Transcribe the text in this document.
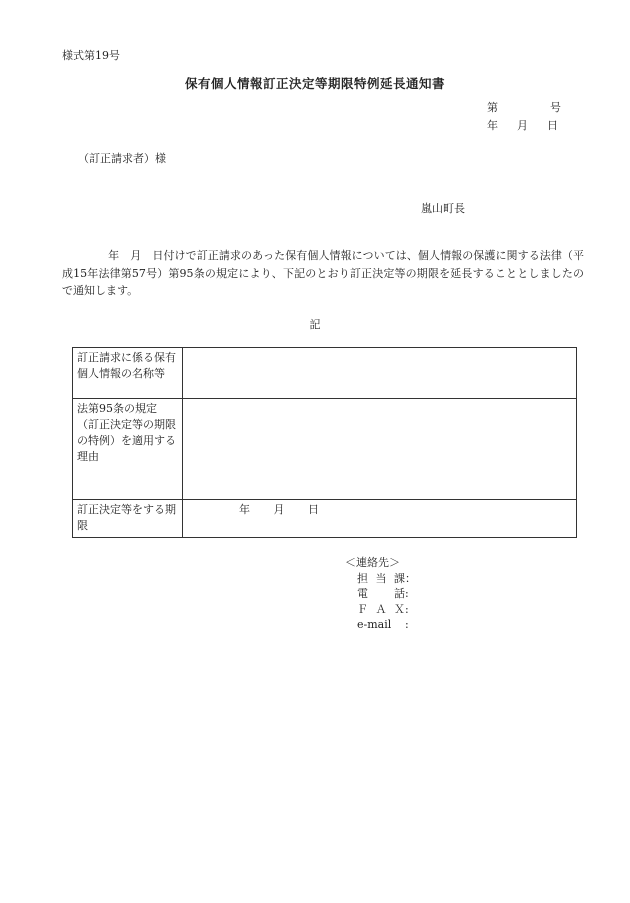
様式第19号
保有個人情報訂正決定等期限特例延長通知書
第	号
年 月 日
（訂正請求者）様
嵐山町長
年　月　日付けで訂正請求のあった保有個人情報については、個人情報の保護に関する法律（平成15年法律第57号）第95条の規定により、下記のとおり訂正決定等の期限を延長することとしましたので通知します。
記
訂正請求に係る保有個人情報の名称等	
法第95条の規定（訂正決定等の期限の特例）を適用する理由	
訂正決定等をする期限	年 月 日
＜連絡先＞
担当課：
電　話:
ＦＡＸ:
e-mail :
